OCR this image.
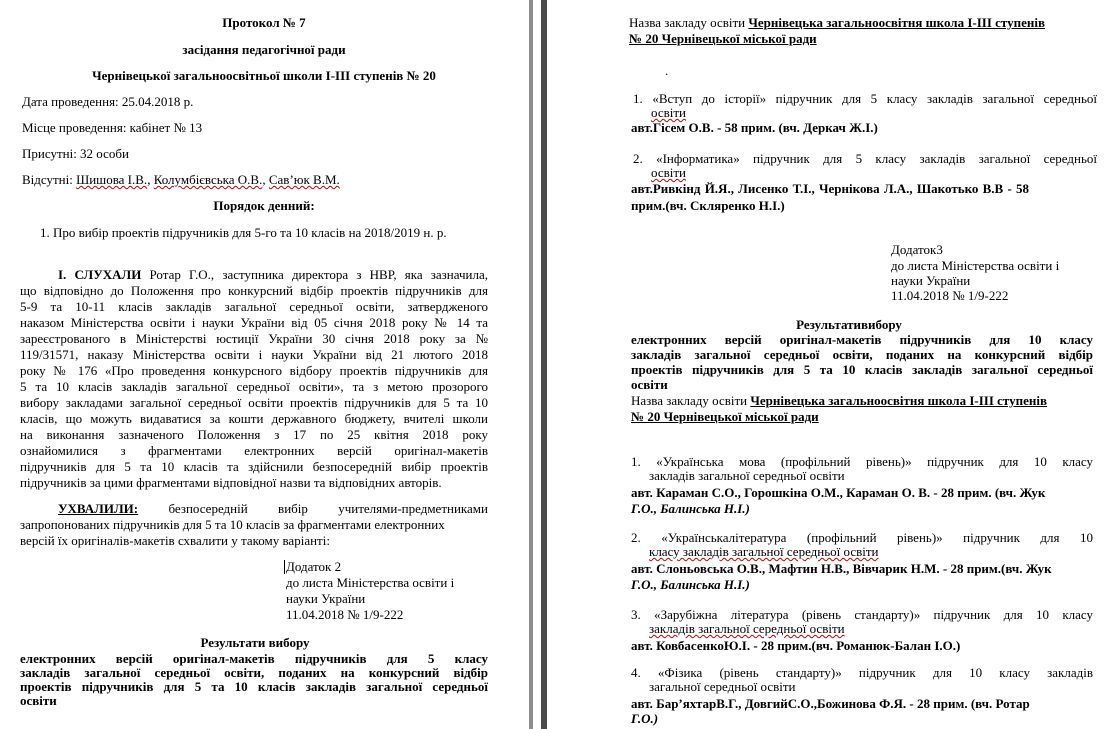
Протокол № 7
засідання педагогічної ради
Чернівецької загальноосвітньої школи І-ІІІ ступенів № 20
Дата проведення: 25.04.2018 р.
Місце проведення: кабінет № 13
Присутні: 32 особи
Відсутні: Шишова І.В., Колумбієвська О.В., Сав’юк В.М.
Порядок денний:
1. Про вибір проектів підручників для 5-го та 10 класів на 2018/2019 н. р.
І. СЛУХАЛИ Ротар Г.О., заступника директора з НВР, яка зазначила,
що відповідно до Положення про конкурсний відбір проектів підручників для
5-9 та 10-11 класів закладів загальної середньої освіти, затвердженого
наказом Міністерства освіти і науки України від 05 січня 2018 року № 14 та
зареєстрованого в Міністерстві юстиції України 30 січня 2018 року за №
119/31571, наказу Міністерства освіти і науки України від 21 лютого 2018
року № 176 «Про проведення конкурсного відбору проектів підручників для
5 та 10 класів закладів загальної середньої освіти», та з метою прозорого
вибору закладами загальної середньої освіти проектів підручників для 5 та 10
класів, що можуть видаватися за кошти державного бюджету, вчителі школи
на виконання зазначеного Положення з 17 по 25 квітня 2018 року
ознайомилися з фрагментами електронних версій оригінал-макетів
підручників для 5 та 10 класів та здійснили безпосередній вибір проектів
підручників за цими фрагментами відповідної назви та відповідних авторів.
УХВАЛИЛИ: безпосередній вибір учителями-предметниками
запропонованих підручників для 5 та 10 класів за фрагментами електронних
версій їх оригіналів-макетів схвалити у такому варіанті:
Додаток 2
до листа Міністерства освіти і
науки України
11.04.2018 № 1/9-222
Результати вибору
електронних версій оригінал-макетів підручників для 5 класу
закладів загальної середньої освіти, поданих на конкурсний відбір
проектів підручників для 5 та 10 класів закладів загальної середньої
освіти
Назва закладу освіти Чернівецька загальноосвітня школа І-ІІІ ступенів
№ 20 Чернівецької міської ради
.
1. «Вступ до історії» підручник для 5 класу закладів загальної середньої
освіти
авт.Гісем О.В. - 58 прим. (вч. Деркач Ж.І.)
2. «Інформатика» підручник для 5 класу закладів загальної середньої
освіти
авт.Ривкінд Й.Я., Лисенко Т.І., Чернікова Л.А., Шакотько В.В - 58
прим.(вч. Скляренко Н.І.)
Додаток3
до листа Міністерства освіти і
науки України
11.04.2018 № 1/9-222
Результативибору
електронних версій оригінал-макетів підручників для 10 класу
закладів загальної середньої освіти, поданих на конкурсний відбір
проектів підручників для 5 та 10 класів закладів загальної середньої
освіти
Назва закладу освіти Чернівецька загальноосвітня школа І-ІІІ ступенів
№ 20 Чернівецької міської ради
1. «Українська мова (профільний рівень)» підручник для 10 класу
закладів загальної середньої освіти
авт. Караман С.О., Горошкіна О.М., Караман О. В. - 28 прим. (вч. Жук
Г.О., Балинська Н.І.)
2. «Українськалітература (профільний рівень)» підручник для 10
класу закладів загальної середньої освіти
авт. Слоньовська О.В., Мафтин Н.В., Вівчарик Н.М. - 28 прим.(вч. Жук
Г.О., Балинська Н.І.)
3. «Зарубіжна література (рівень стандарту)» підручник для 10 класу
закладів загальної середньої освіти
авт. КовбасенкоЮ.І. - 28 прим.(вч. Романюк-Балан І.О.)
4. «Фізика (рівень стандарту)» підручник для 10 класу закладів
загальної середньої освіти
авт. Бар’яхтарВ.Г., ДовгийС.О.,Божинова Ф.Я. - 28 прим. (вч. Ротар
Г.О.)
